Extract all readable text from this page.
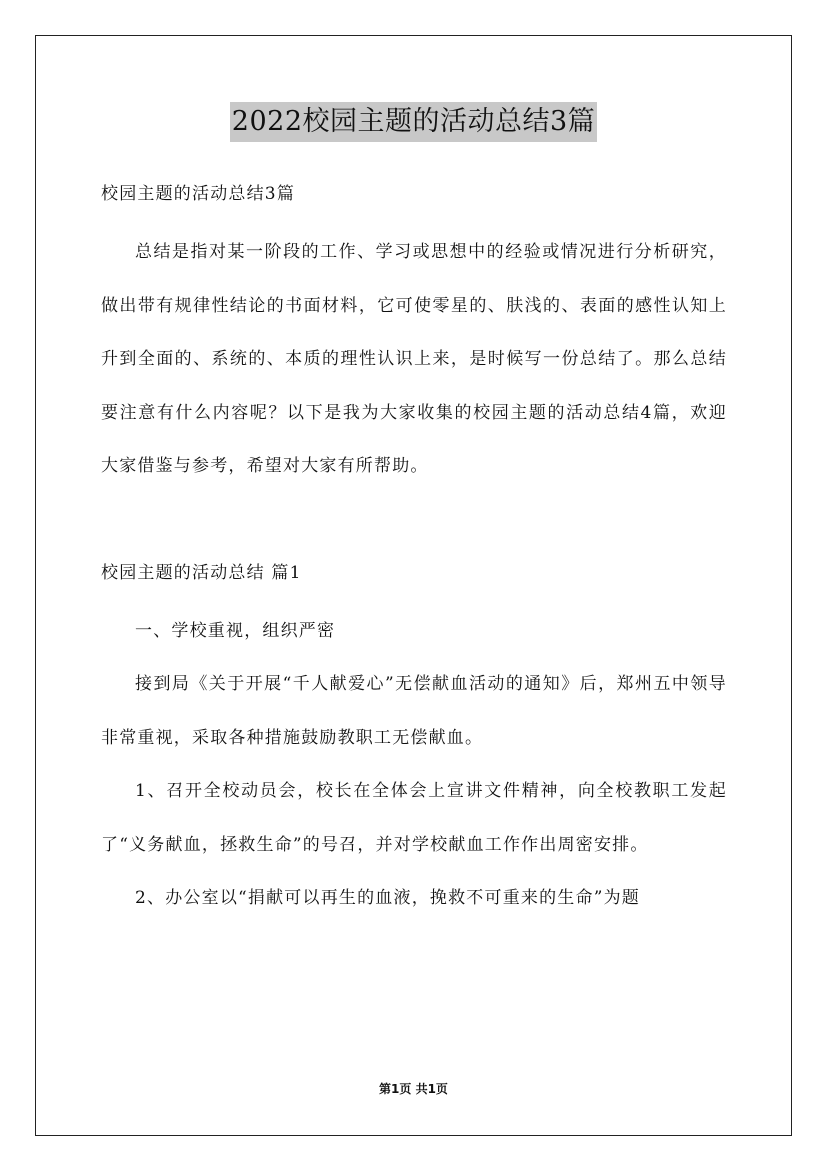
2022校园主题的活动总结3篇
校园主题的活动总结3篇

总结是指对某一阶段的工作、学习或思想中的经验或情况进行分析研究，做出带有规律性结论的书面材料，它可使零星的、肤浅的、表面的感性认知上升到全面的、系统的、本质的理性认识上来，是时候写一份总结了。那么总结要注意有什么内容呢？以下是我为大家收集的校园主题的活动总结4篇，欢迎大家借鉴与参考，希望对大家有所帮助。

校园主题的活动总结 篇1

一、学校重视，组织严密

接到局《关于开展“千人献爱心”无偿献血活动的通知》后，郑州五中领导非常重视，采取各种措施鼓励教职工无偿献血。

1、召开全校动员会，校长在全体会上宣讲文件精神，向全校教职工发起了“义务献血，拯救生命”的号召，并对学校献血工作作出周密安排。

2、办公室以“捐献可以再生的血液，挽救不可重来的生命”为题

第1页 共1页
